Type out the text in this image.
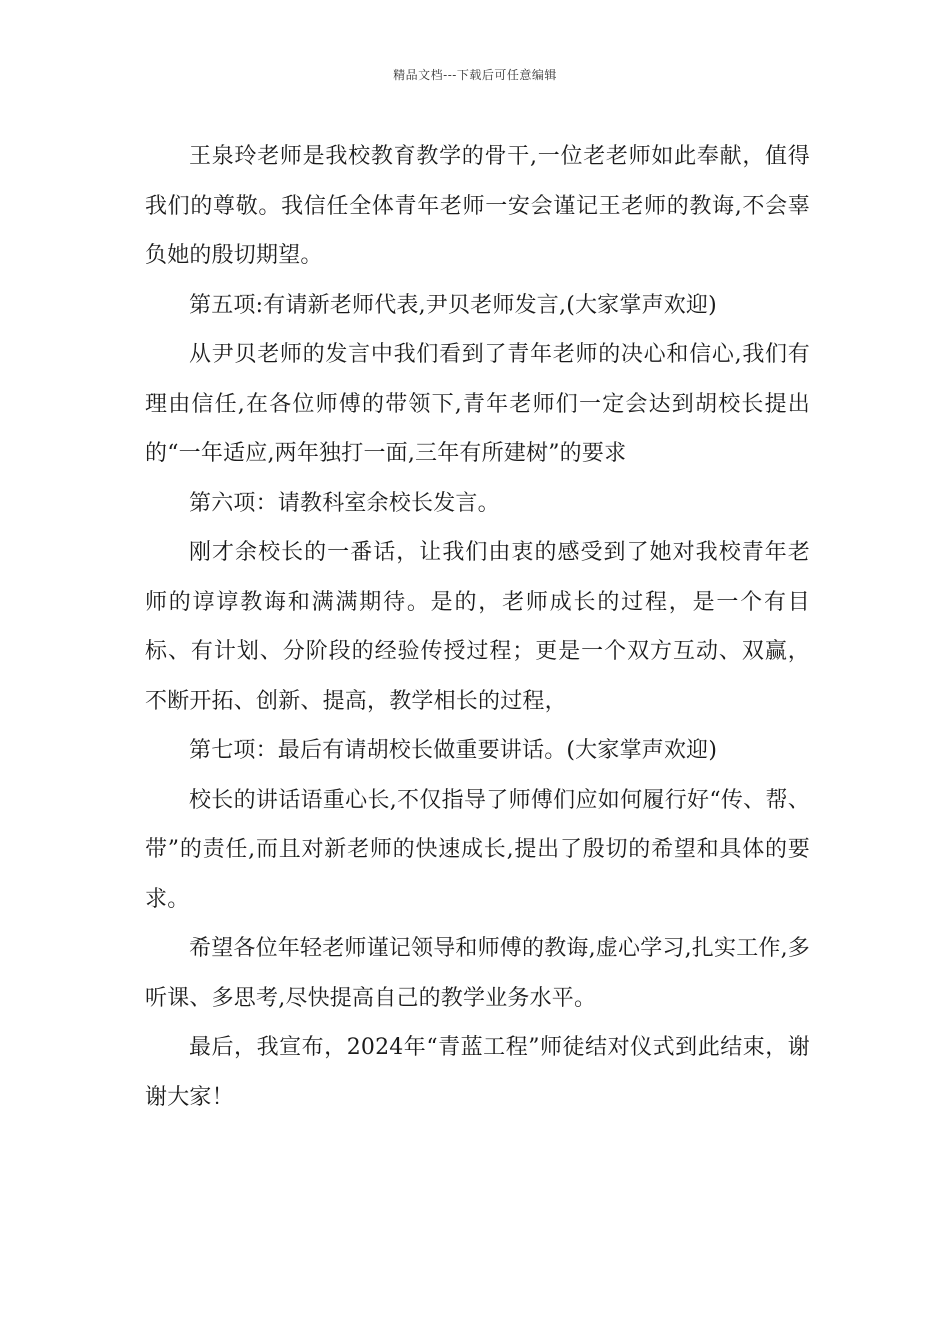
精品文档---下载后可任意编辑

王泉玲老师是我校教育教学的骨干,一位老老师如此奉献，值得我们的尊敬。我信任全体青年老师一安会谨记王老师的教诲,不会辜负她的殷切期望。

第五项:有请新老师代表,尹贝老师发言,(大家掌声欢迎)

从尹贝老师的发言中我们看到了青年老师的决心和信心,我们有理由信任,在各位师傅的带领下,青年老师们一定会达到胡校长提出的“一年适应,两年独打一面,三年有所建树”的要求

第六项：请教科室余校长发言。

刚才余校长的一番话，让我们由衷的感受到了她对我校青年老师的谆谆教诲和满满期待。是的，老师成长的过程，是一个有目标、有计划、分阶段的经验传授过程；更是一个双方互动、双赢，不断开拓、创新、提高，教学相长的过程，

第七项：最后有请胡校长做重要讲话。(大家掌声欢迎)

校长的讲话语重心长,不仅指导了师傅们应如何履行好“传、帮、带”的责任,而且对新老师的快速成长,提出了殷切的希望和具体的要求。

希望各位年轻老师谨记领导和师傅的教诲,虚心学习,扎实工作,多听课、多思考,尽快提高自己的教学业务水平。

最后，我宣布，2024年“青蓝工程”师徒结对仪式到此结束，谢谢大家！
